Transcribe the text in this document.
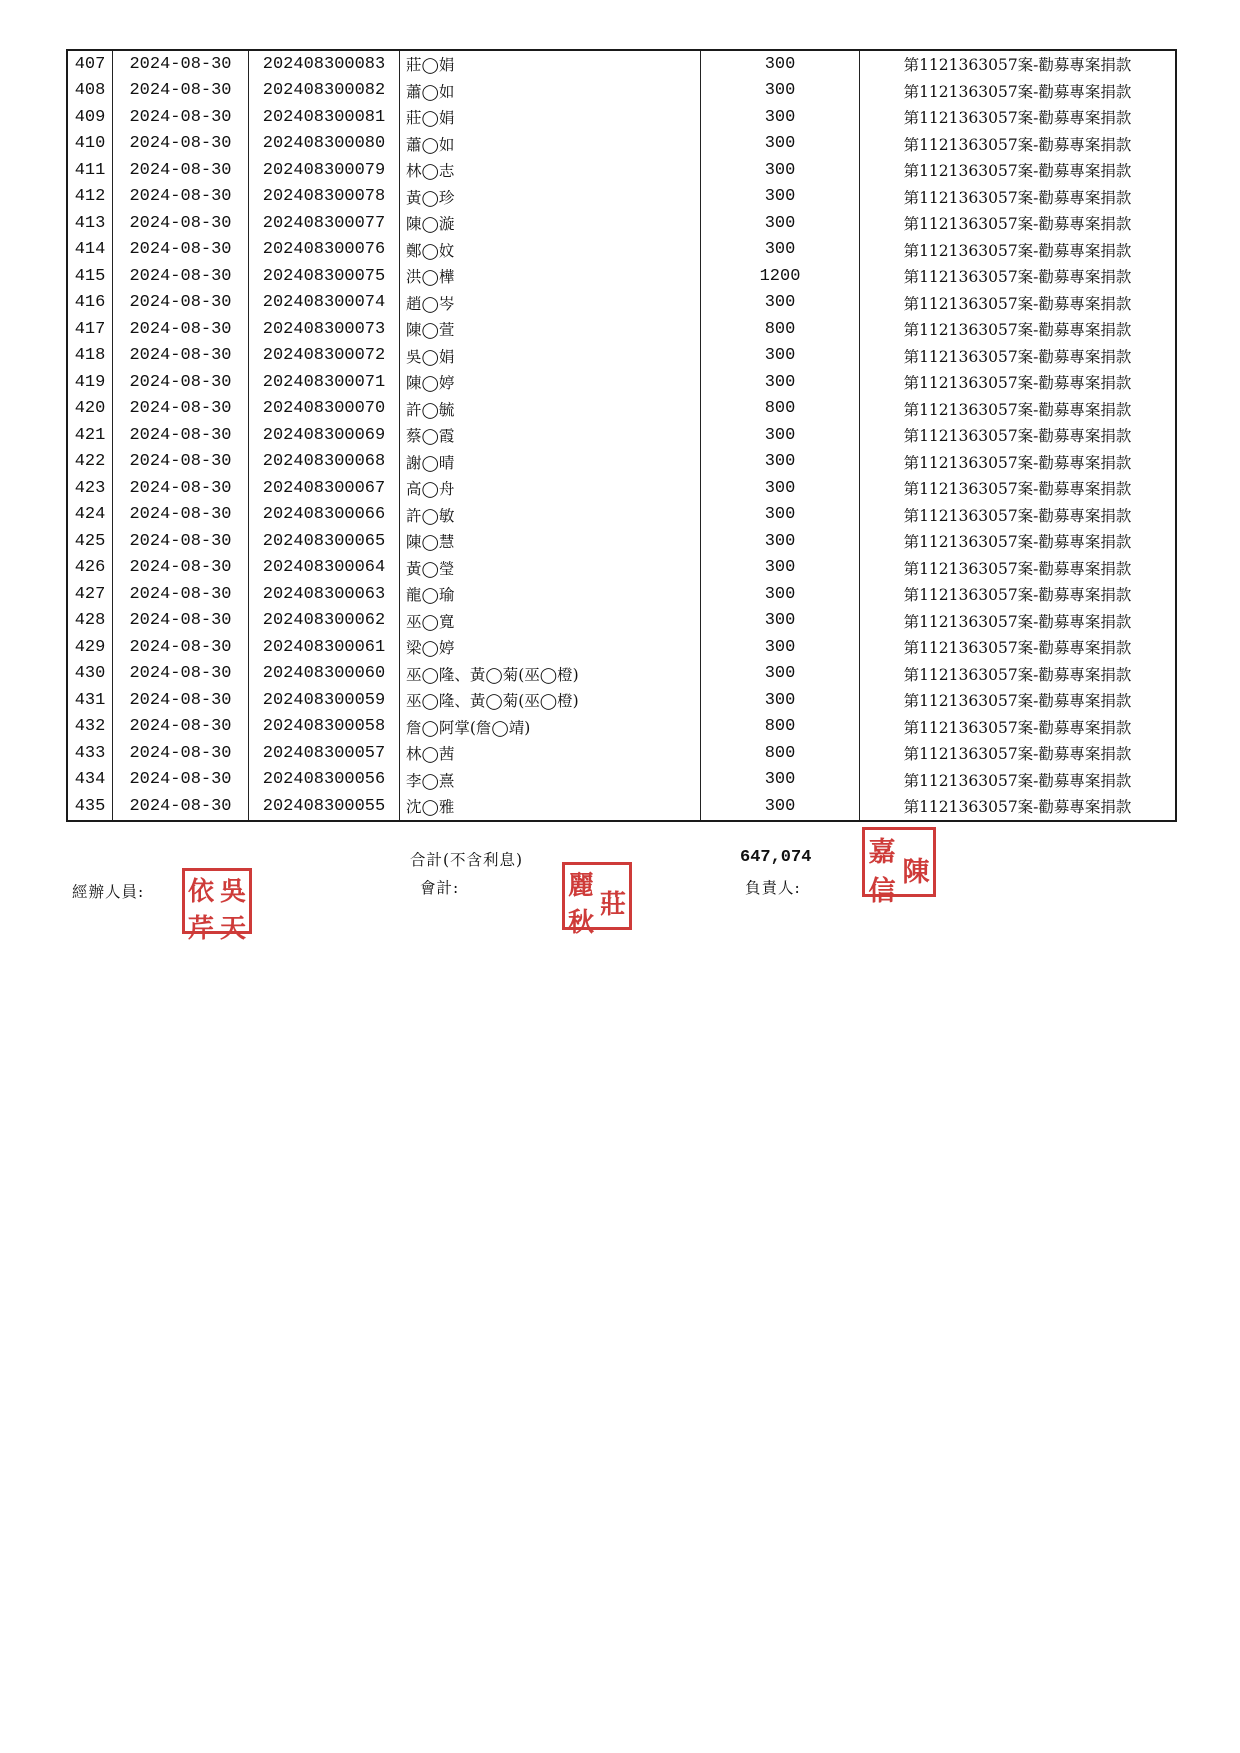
407	2024-08-30	202408300083	莊◯娟	300	第1121363057案-勸募專案捐款
408	2024-08-30	202408300082	蕭◯如	300	第1121363057案-勸募專案捐款
409	2024-08-30	202408300081	莊◯娟	300	第1121363057案-勸募專案捐款
410	2024-08-30	202408300080	蕭◯如	300	第1121363057案-勸募專案捐款
411	2024-08-30	202408300079	林◯志	300	第1121363057案-勸募專案捐款
412	2024-08-30	202408300078	黃◯珍	300	第1121363057案-勸募專案捐款
413	2024-08-30	202408300077	陳◯漩	300	第1121363057案-勸募專案捐款
414	2024-08-30	202408300076	鄭◯妏	300	第1121363057案-勸募專案捐款
415	2024-08-30	202408300075	洪◯樺	1200	第1121363057案-勸募專案捐款
416	2024-08-30	202408300074	趙◯岑	300	第1121363057案-勸募專案捐款
417	2024-08-30	202408300073	陳◯萱	800	第1121363057案-勸募專案捐款
418	2024-08-30	202408300072	吳◯娟	300	第1121363057案-勸募專案捐款
419	2024-08-30	202408300071	陳◯婷	300	第1121363057案-勸募專案捐款
420	2024-08-30	202408300070	許◯毓	800	第1121363057案-勸募專案捐款
421	2024-08-30	202408300069	蔡◯霞	300	第1121363057案-勸募專案捐款
422	2024-08-30	202408300068	謝◯晴	300	第1121363057案-勸募專案捐款
423	2024-08-30	202408300067	高◯舟	300	第1121363057案-勸募專案捐款
424	2024-08-30	202408300066	許◯敏	300	第1121363057案-勸募專案捐款
425	2024-08-30	202408300065	陳◯慧	300	第1121363057案-勸募專案捐款
426	2024-08-30	202408300064	黃◯瑩	300	第1121363057案-勸募專案捐款
427	2024-08-30	202408300063	龍◯瑜	300	第1121363057案-勸募專案捐款
428	2024-08-30	202408300062	巫◯寬	300	第1121363057案-勸募專案捐款
429	2024-08-30	202408300061	梁◯婷	300	第1121363057案-勸募專案捐款
430	2024-08-30	202408300060	巫◯隆、黃◯菊(巫◯橙)	300	第1121363057案-勸募專案捐款
431	2024-08-30	202408300059	巫◯隆、黃◯菊(巫◯橙)	300	第1121363057案-勸募專案捐款
432	2024-08-30	202408300058	詹◯阿掌(詹◯靖)	800	第1121363057案-勸募專案捐款
433	2024-08-30	202408300057	林◯茜	800	第1121363057案-勸募專案捐款
434	2024-08-30	202408300056	李◯熹	300	第1121363057案-勸募專案捐款
435	2024-08-30	202408300055	沈◯雅	300	第1121363057案-勸募專案捐款
合計(不含利息)	647,074
經辦人員:	會計:	負責人:
依 吳
芹 天
麗
莊
秋
嘉
陳
信
